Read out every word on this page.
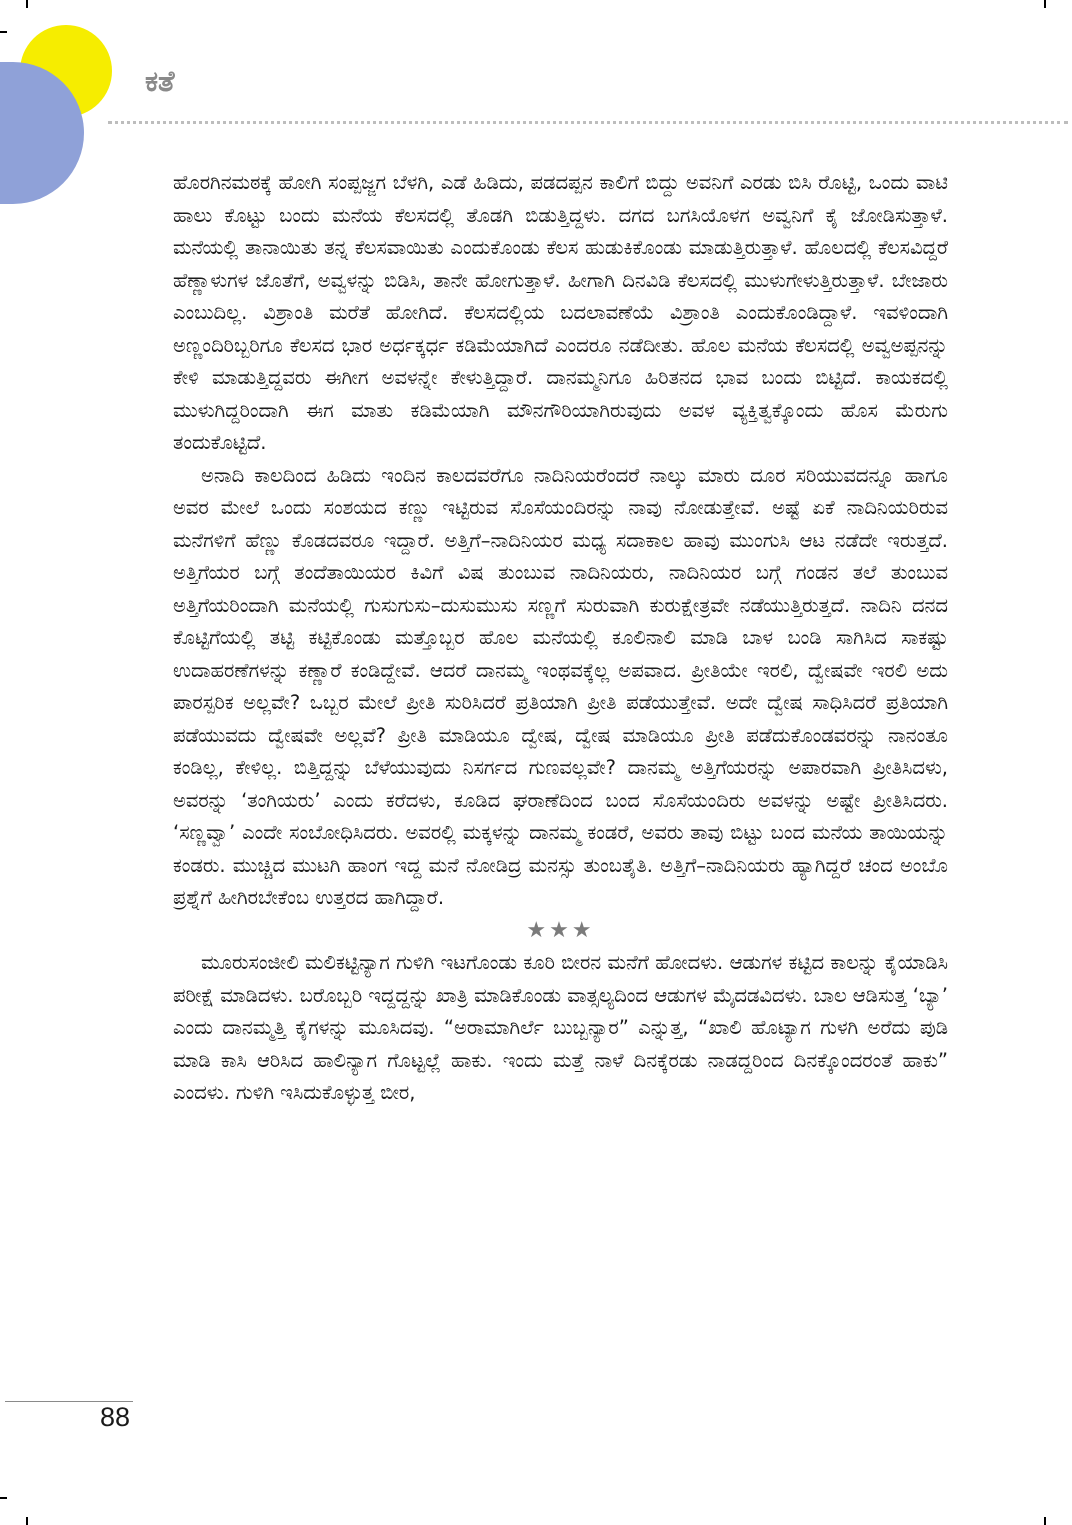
ಕತೆ

ಹೊರಗಿನಮಠಕ್ಕೆ ಹೋಗಿ ಸಂಪ್ಪಜ್ಜಗ ಬೆಳಗಿ, ಎಡೆ ಹಿಡಿದು, ಪಡದಪ್ಪನ ಕಾಲಿಗೆ ಬಿದ್ದು ಅವನಿಗೆ ಎರಡು ಬಿಸಿ ರೊಟ್ಟಿ, ಒಂದು ವಾಟಿ ಹಾಲು ಕೊಟ್ಟು ಬಂದು ಮನೆಯ ಕೆಲಸದಲ್ಲಿ ತೊಡಗಿ ಬಿಡುತ್ತಿದ್ದಳು. ದಗದ ಬಗಸಿಯೊಳಗ ಅವ್ವನಿಗೆ ಕೈ ಜೋಡಿಸುತ್ತಾಳೆ. ಮನೆಯಲ್ಲಿ ತಾನಾಯಿತು ತನ್ನ ಕೆಲಸವಾಯಿತು ಎಂದುಕೊಂಡು ಕೆಲಸ ಹುಡುಕಿಕೊಂಡು ಮಾಡುತ್ತಿರುತ್ತಾಳೆ. ಹೊಲದಲ್ಲಿ ಕೆಲಸವಿದ್ದರೆ ಹೆಣ್ಣಾಳುಗಳ ಜೊತೆಗೆ, ಅವ್ವಳನ್ನು ಬಿಡಿಸಿ, ತಾನೇ ಹೋಗುತ್ತಾಳೆ. ಹೀಗಾಗಿ ದಿನವಿಡಿ ಕೆಲಸದಲ್ಲಿ ಮುಳುಗೇಳುತ್ತಿರುತ್ತಾಳೆ. ಬೇಜಾರು ಎಂಬುದಿಲ್ಲ. ವಿಶ್ರಾಂತಿ ಮರೆತೆ ಹೋಗಿದೆ. ಕೆಲಸದಲ್ಲಿಯ ಬದಲಾವಣೆಯೆ ವಿಶ್ರಾಂತಿ ಎಂದುಕೊಂಡಿದ್ದಾಳೆ. ಇವಳಿಂದಾಗಿ ಅಣ್ಣಂದಿರಿಬ್ಬರಿಗೂ ಕೆಲಸದ ಭಾರ ಅರ್ಧಕ್ಕರ್ಧ ಕಡಿಮೆಯಾಗಿದೆ ಎಂದರೂ ನಡೆದೀತು. ಹೊಲ ಮನೆಯ ಕೆಲಸದಲ್ಲಿ ಅವ್ವಅಪ್ಪನನ್ನು ಕೇಳಿ ಮಾಡುತ್ತಿದ್ದವರು ಈಗೀಗ ಅವಳನ್ನೇ ಕೇಳುತ್ತಿದ್ದಾರೆ. ದಾನಮ್ಮನಿಗೂ ಹಿರಿತನದ ಭಾವ ಬಂದು ಬಿಟ್ಟಿದೆ. ಕಾಯಕದಲ್ಲಿ ಮುಳುಗಿದ್ದರಿಂದಾಗಿ ಈಗ ಮಾತು ಕಡಿಮೆಯಾಗಿ ಮೌನಗೌರಿಯಾಗಿರುವುದು ಅವಳ ವ್ಯಕ್ತಿತ್ವಕ್ಕೊಂದು ಹೊಸ ಮೆರುಗು ತಂದುಕೊಟ್ಟಿದೆ.

ಅನಾದಿ ಕಾಲದಿಂದ ಹಿಡಿದು ಇಂದಿನ ಕಾಲದವರೆಗೂ ನಾದಿನಿಯರೆಂದರೆ ನಾಲ್ಕು ಮಾರು ದೂರ ಸರಿಯುವದನ್ನೂ ಹಾಗೂ ಅವರ ಮೇಲೆ ಒಂದು ಸಂಶಯದ ಕಣ್ಣು ಇಟ್ಟಿರುವ ಸೊಸೆಯಂದಿರನ್ನು ನಾವು ನೋಡುತ್ತೇವೆ. ಅಷ್ಟೆ ಏಕೆ ನಾದಿನಿಯರಿರುವ ಮನೆಗಳಿಗೆ ಹೆಣ್ಣು ಕೊಡದವರೂ ಇದ್ದಾರೆ. ಅತ್ತಿಗೆ–ನಾದಿನಿಯರ ಮಧ್ಯ ಸದಾಕಾಲ ಹಾವು ಮುಂಗುಸಿ ಆಟ ನಡೆದೇ ಇರುತ್ತದೆ. ಅತ್ತಿಗೆಯರ ಬಗ್ಗೆ ತಂದೆತಾಯಿಯರ ಕಿವಿಗೆ ವಿಷ ತುಂಬುವ ನಾದಿನಿಯರು, ನಾದಿನಿಯರ ಬಗ್ಗೆ ಗಂಡನ ತಲೆ ತುಂಬುವ ಅತ್ತಿಗೆಯರಿಂದಾಗಿ ಮನೆಯಲ್ಲಿ ಗುಸುಗುಸು–ದುಸುಮುಸು ಸಣ್ಣಗೆ ಸುರುವಾಗಿ ಕುರುಕ್ಷೇತ್ರವೇ ನಡೆಯುತ್ತಿರುತ್ತದೆ. ನಾದಿನಿ ದನದ ಕೊಟ್ಟಿಗೆಯಲ್ಲಿ ತಟ್ಟಿ ಕಟ್ಟಿಕೊಂಡು ಮತ್ತೊಬ್ಬರ ಹೊಲ ಮನೆಯಲ್ಲಿ ಕೂಲಿನಾಲಿ ಮಾಡಿ ಬಾಳ ಬಂಡಿ ಸಾಗಿಸಿದ ಸಾಕಷ್ಟು ಉದಾಹರಣೆಗಳನ್ನು ಕಣ್ಣಾರೆ ಕಂಡಿದ್ದೇವೆ. ಆದರೆ ದಾನಮ್ಮ ಇಂಥವಕ್ಕೆಲ್ಲ ಅಪವಾದ. ಪ್ರೀತಿಯೇ ಇರಲಿ, ದ್ವೇಷವೇ ಇರಲಿ ಅದು ಪಾರಸ್ಪರಿಕ ಅಲ್ಲವೇ? ಒಬ್ಬರ ಮೇಲೆ ಪ್ರೀತಿ ಸುರಿಸಿದರೆ ಪ್ರತಿಯಾಗಿ ಪ್ರೀತಿ ಪಡೆಯುತ್ತೇವೆ. ಅದೇ ದ್ವೇಷ ಸಾಧಿಸಿದರೆ ಪ್ರತಿಯಾಗಿ ಪಡೆಯುವದು ದ್ವೇಷವೇ ಅಲ್ಲವೆ? ಪ್ರೀತಿ ಮಾಡಿಯೂ ದ್ವೇಷ, ದ್ವೇಷ ಮಾಡಿಯೂ ಪ್ರೀತಿ ಪಡೆದುಕೊಂಡವರನ್ನು ನಾನಂತೂ ಕಂಡಿಲ್ಲ, ಕೇಳಿಲ್ಲ. ಬಿತ್ತಿದ್ದನ್ನು ಬೆಳೆಯುವುದು ನಿಸರ್ಗದ ಗುಣವಲ್ಲವೇ? ದಾನಮ್ಮ ಅತ್ತಿಗೆಯರನ್ನು ಅಪಾರವಾಗಿ ಪ್ರೀತಿಸಿದಳು, ಅವರನ್ನು ‘ತಂಗಿಯರು’ ಎಂದು ಕರೆದಳು, ಕೂಡಿದ ಘರಾಣೆದಿಂದ ಬಂದ ಸೊಸೆಯಂದಿರು ಅವಳನ್ನು ಅಷ್ಟೇ ಪ್ರೀತಿಸಿದರು. ‘ಸಣ್ಣವ್ವಾ’ ಎಂದೇ ಸಂಬೋಧಿಸಿದರು. ಅವರಲ್ಲಿ ಮಕ್ಕಳನ್ನು ದಾನಮ್ಮ ಕಂಡರೆ, ಅವರು ತಾವು ಬಿಟ್ಟು ಬಂದ ಮನೆಯ ತಾಯಿಯನ್ನು ಕಂಡರು. ಮುಚ್ಚಿದ ಮುಟಗಿ ಹಾಂಗ ಇದ್ದ ಮನೆ ನೋಡಿದ್ರ ಮನಸ್ಸು ತುಂಬತೈತಿ. ಅತ್ತಿಗೆ–ನಾದಿನಿಯರು ಹ್ಯಾಗಿದ್ದರೆ ಚಂದ ಅಂಬೊ ಪ್ರಶ್ನೆಗೆ ಹೀಗಿರಬೇಕೆಂಬ ಉತ್ತರದ ಹಾಗಿದ್ದಾರೆ.

★★★

ಮೂರುಸಂಜೀಲಿ ಮಲಿಕಟ್ಟಿನ್ಯಾಗ ಗುಳಿಗಿ ಇಟಗೊಂಡು ಕೂರಿ ಬೀರನ ಮನೆಗೆ ಹೋದಳು. ಆಡುಗಳ ಕಟ್ಟಿದ ಕಾಲನ್ನು ಕೈಯಾಡಿಸಿ ಪರೀಕ್ಷೆ ಮಾಡಿದಳು. ಬರೊಬ್ಬರಿ ಇದ್ದದ್ದನ್ನು ಖಾತ್ರಿ ಮಾಡಿಕೊಂಡು ವಾತ್ಸಲ್ಯದಿಂದ ಆಡುಗಳ ಮೈದಡವಿದಳು. ಬಾಲ ಆಡಿಸುತ್ತ ‘ಬ್ಯಾ’ ಎಂದು ದಾನಮ್ಮತ್ತಿ ಕೈಗಳನ್ನು ಮೂಸಿದವು. “ಅರಾಮಾಗಿರ್ಲೆ ಬುಬ್ಬನ್ಯಾರ” ಎನ್ನುತ್ತ, “ಖಾಲಿ ಹೊಟ್ಯಾಗ ಗುಳಗಿ ಅರೆದು ಪುಡಿ ಮಾಡಿ ಕಾಸಿ ಆರಿಸಿದ ಹಾಲಿನ್ಯಾಗ ಗೊಟ್ಟಲ್ಲೆ ಹಾಕು. ಇಂದು ಮತ್ತೆ ನಾಳೆ ದಿನಕ್ಕೆರಡು ನಾಡದ್ದರಿಂದ ದಿನಕ್ಕೊಂದರಂತೆ ಹಾಕು” ಎಂದಳು. ಗುಳಿಗಿ ಇಸಿದುಕೊಳ್ಳುತ್ತ ಬೀರ,

88
